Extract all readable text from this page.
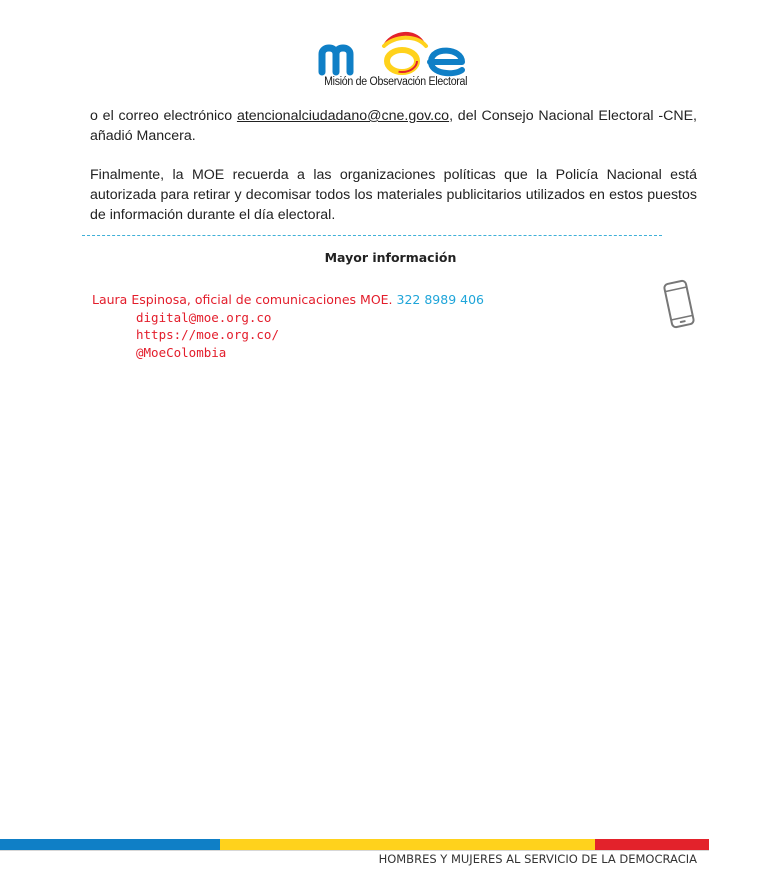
Misión de Observación Electoral
o el correo electrónico atencionalciudadano@cne.gov.co, del Consejo Nacional Electoral -CNE, añadió Mancera.
Finalmente, la MOE recuerda a las organizaciones políticas que la Policía Nacional está autorizada para retirar y decomisar todos los materiales publicitarios utilizados en estos puestos de información durante el día electoral.
Mayor información
Laura Espinosa, oficial de comunicaciones MOE. 322 8989 406
digital@moe.org.co
https://moe.org.co/
@MoeColombia
HOMBRES Y MUJERES AL SERVICIO DE LA DEMOCRACIA
